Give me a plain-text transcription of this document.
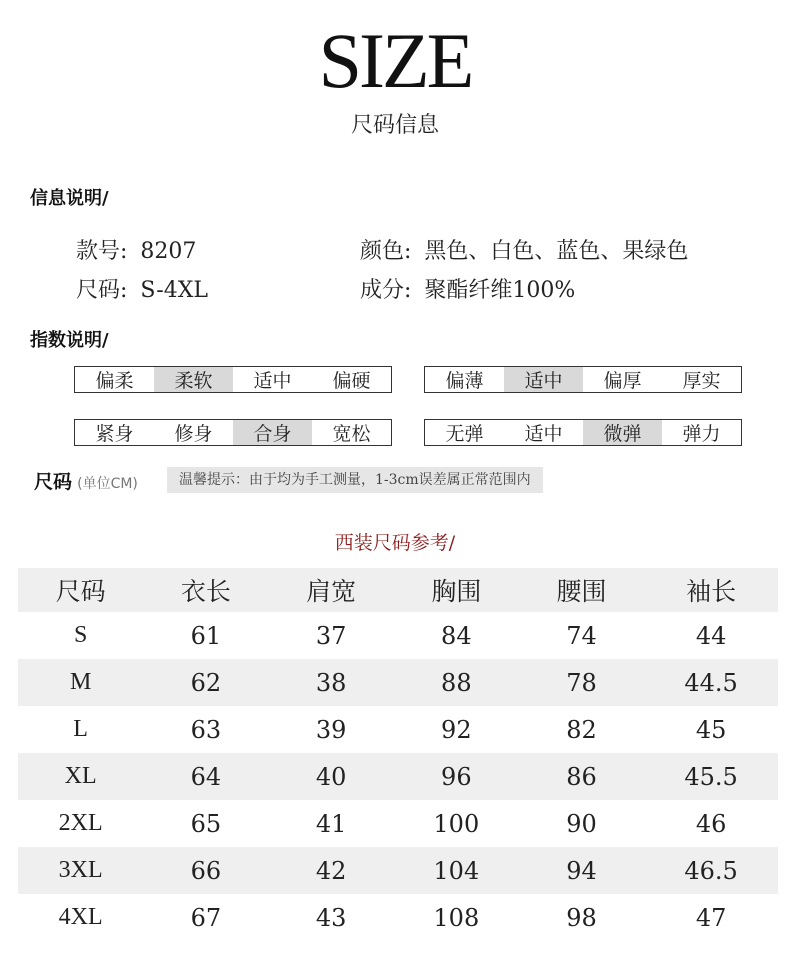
SIZE
尺码信息
信息说明/
款号: 8207	颜色: 黑色、白色、蓝色、果绿色
尺码: S-4XL	成分: 聚酯纤维100%
指数说明/
偏柔	柔软	适中	偏硬	偏薄	适中	偏厚	厚实
紧身	修身	合身	宽松	无弹	适中	微弹	弹力
尺码 (单位CM)	温馨提示：由于均为手工测量，1-3cm误差属正常范围内
西装尺码参考/
尺码	衣长	肩宽	胸围	腰围	袖长
S	61	37	84	74	44
M	62	38	88	78	44.5
L	63	39	92	82	45
XL	64	40	96	86	45.5
2XL	65	41	100	90	46
3XL	66	42	104	94	46.5
4XL	67	43	108	98	47
